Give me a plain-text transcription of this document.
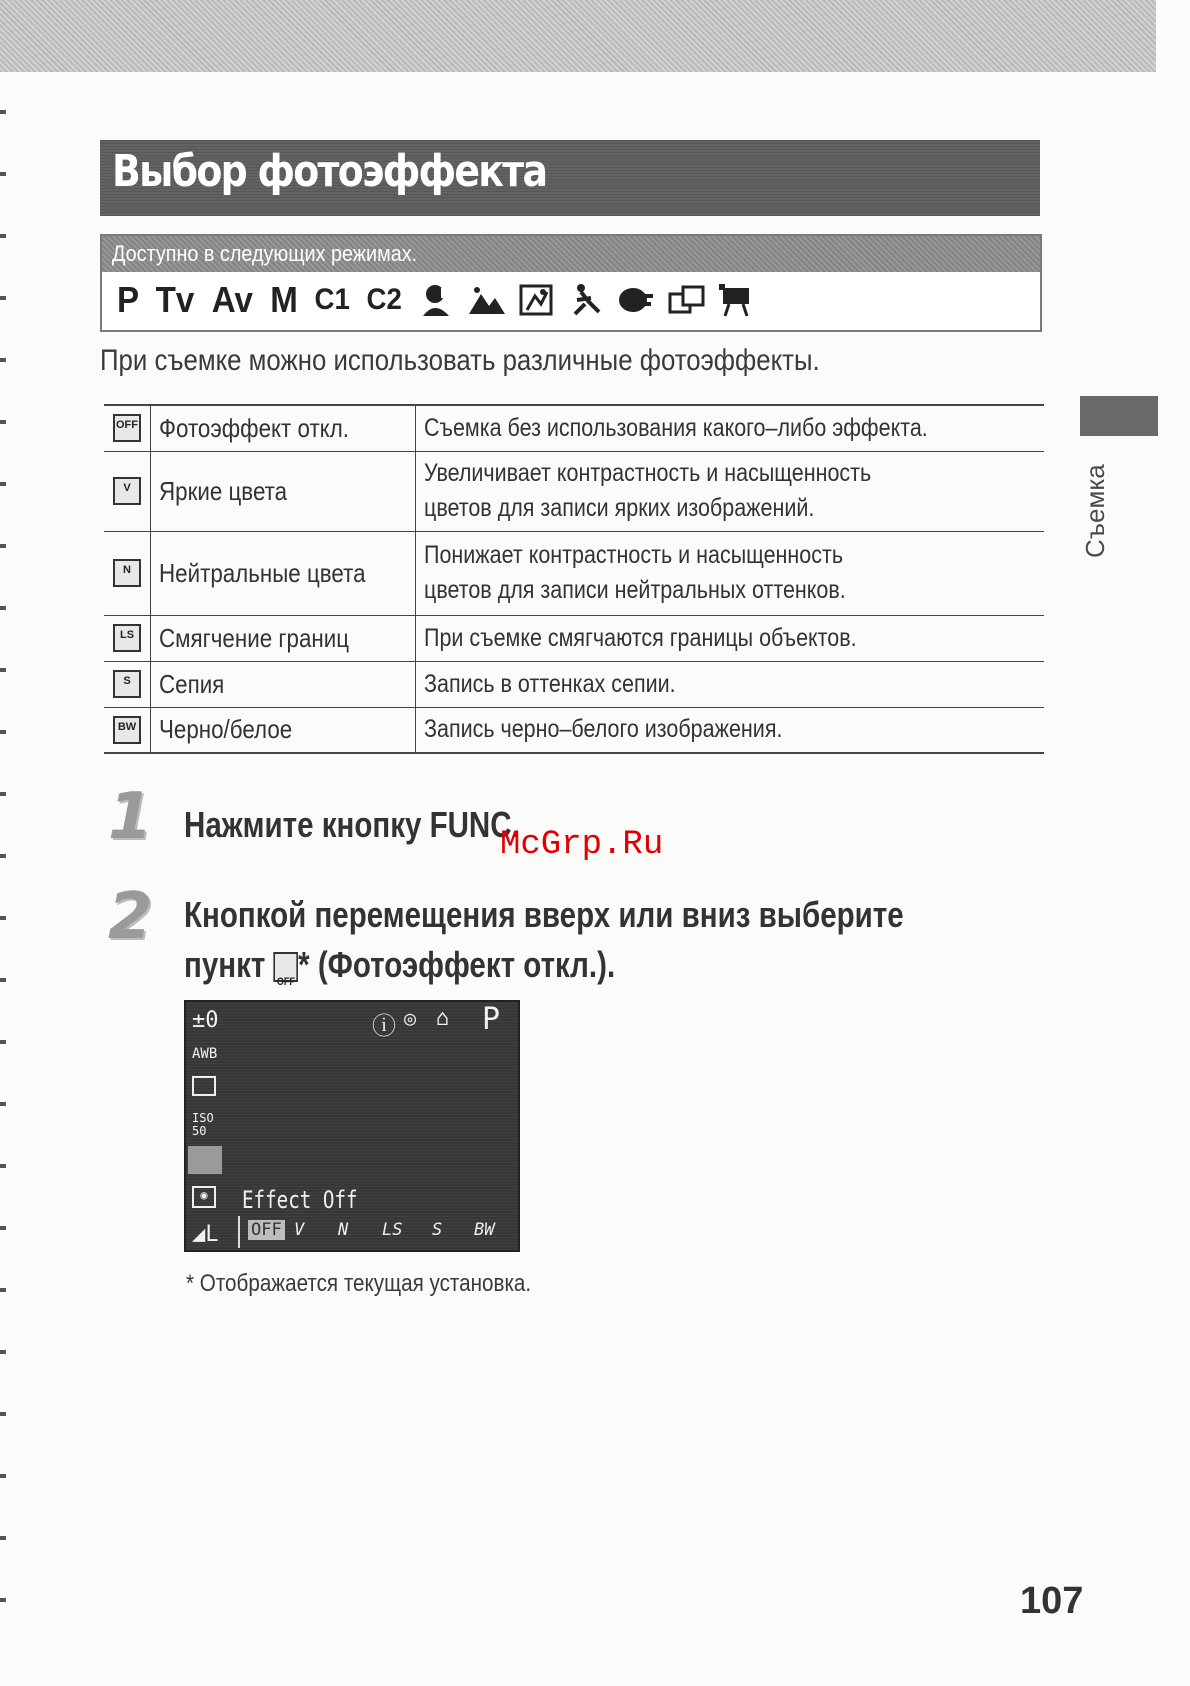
Выбор фотоэффекта
Доступно в следующих режимах.
P Tv Av M C1 C2
При съемке можно использовать различные фотоэффекты.
OFF	Фотоэффект откл.	Съемка без использования какого–либо эффекта.

V	Яркие цвета	Увеличивает контрастность и насыщенность
цветов для записи ярких изображений.

N	Нейтральные цвета	Понижает контрастность и насыщенность
цветов для записи нейтральных оттенков.

LS	Смягчение границ	При съемке смягчаются границы объектов.

S	Сепия	Запись в оттенках сепии.

BW	Черно/белое	Запись черно–белого изображения.
Съемка
1 Нажмите кнопку FUNC.
McGrp.Ru
2 Кнопкой перемещения вверх или вниз выберите
пункт OFF * (Фотоэффект откл.).
±0
AWB
ISO 50
◉
◢L
ⓘ ◎ ⌂ P
Effect Off
OFF V N LS S BW
* Отображается текущая установка.
107
